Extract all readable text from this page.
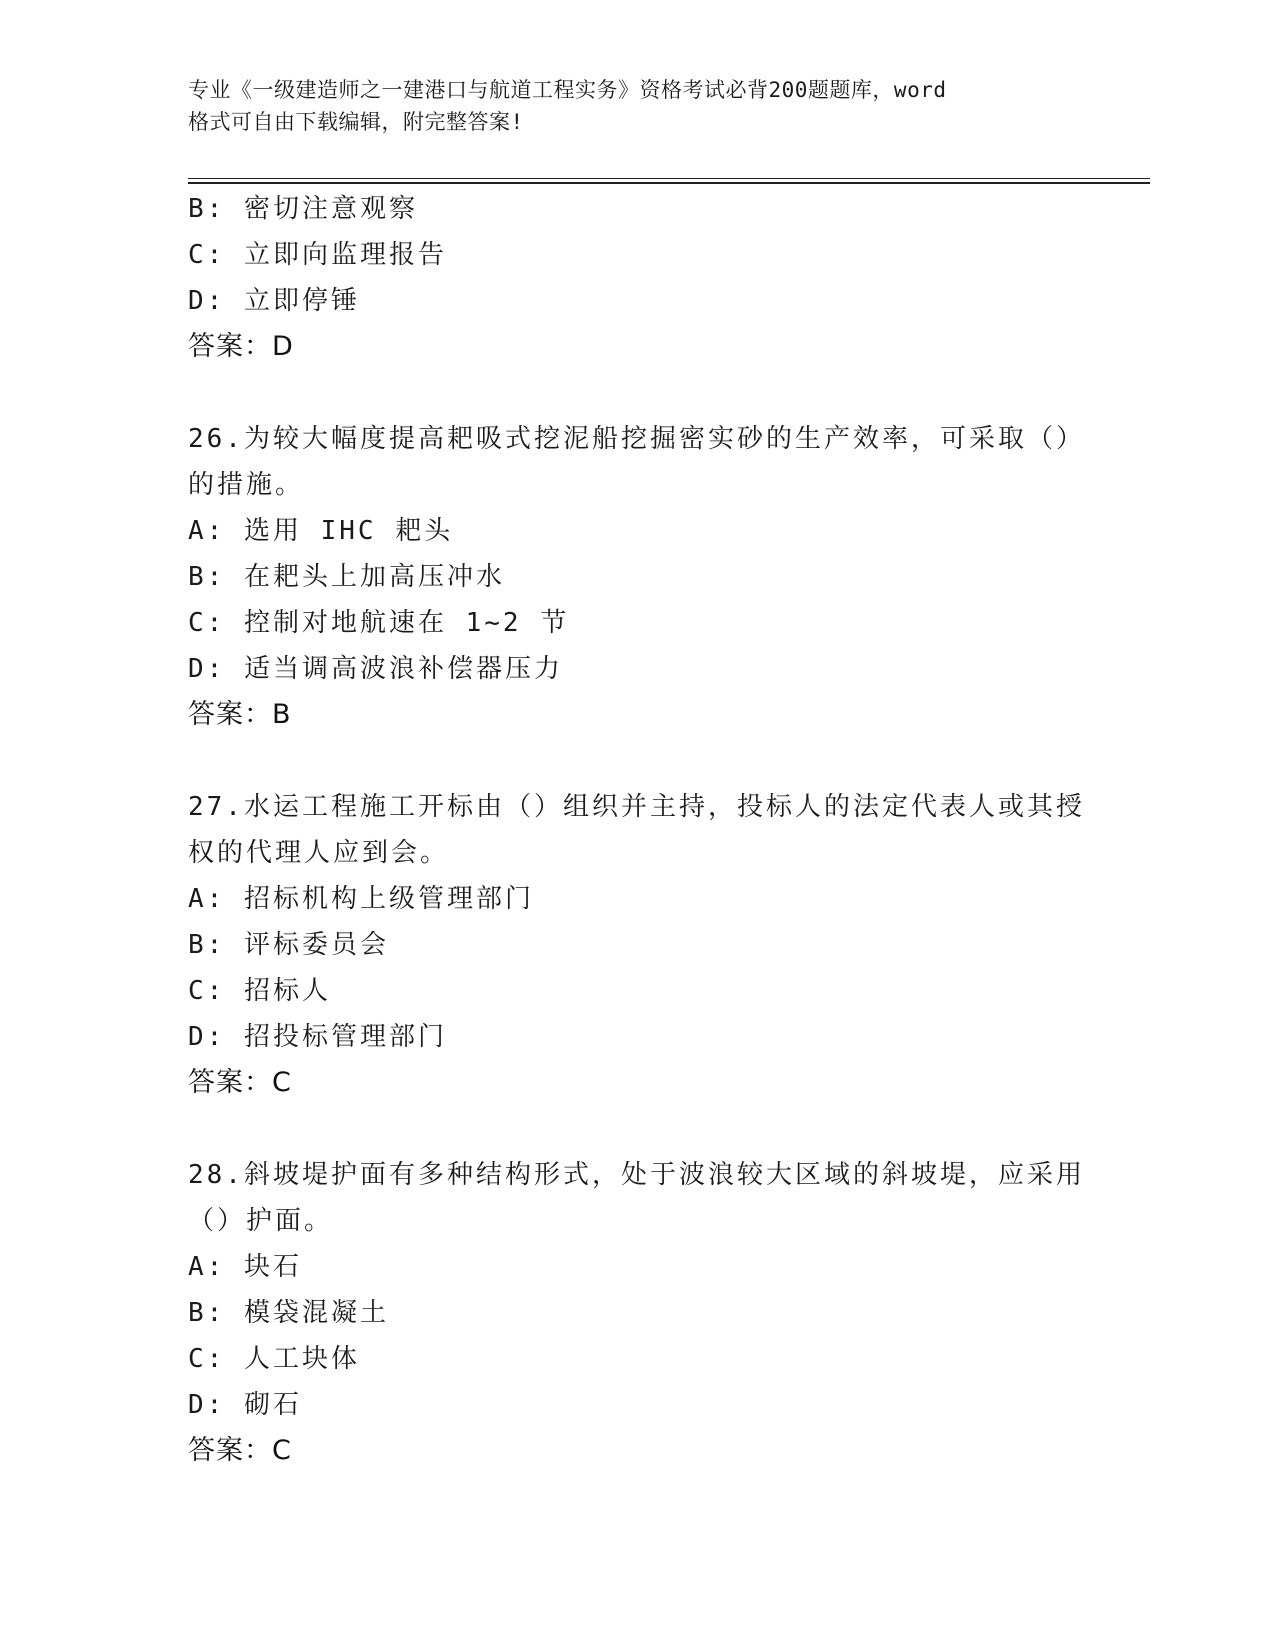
专业《一级建造师之一建港口与航道工程实务》资格考试必背200题题库，word
格式可自由下载编辑，附完整答案!
B: 密切注意观察
C: 立即向监理报告
D: 立即停锤
答案：D
26.为较大幅度提高耙吸式挖泥船挖掘密实砂的生产效率，可采取（）
的措施。
A: 选用 IHC 耙头
B: 在耙头上加高压冲水
C: 控制对地航速在 1~2 节
D: 适当调高波浪补偿器压力
答案：B
27.水运工程施工开标由（）组织并主持，投标人的法定代表人或其授
权的代理人应到会。
A: 招标机构上级管理部门
B: 评标委员会
C: 招标人
D: 招投标管理部门
答案：C
28.斜坡堤护面有多种结构形式，处于波浪较大区域的斜坡堤，应采用
（）护面。
A: 块石
B: 模袋混凝土
C: 人工块体
D: 砌石
答案：C
